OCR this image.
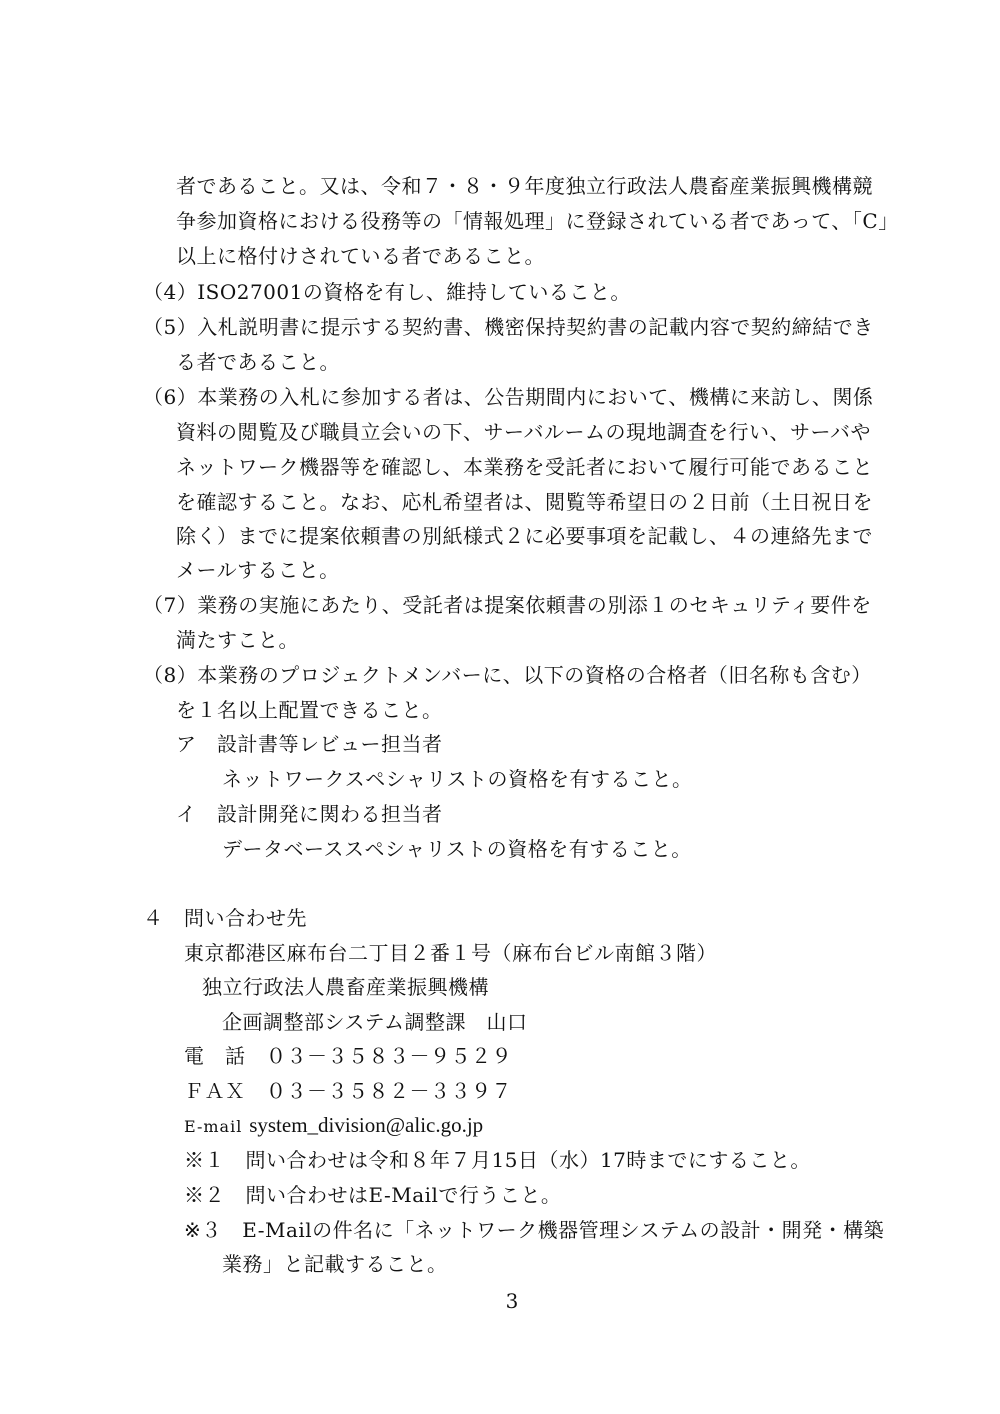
者であること。又は、令和７・８・９年度独立行政法人農畜産業振興機構競
争参加資格における役務等の「情報処理」に登録されている者であって、「C」
以上に格付けされている者であること。
（4）ISO27001の資格を有し、維持していること。
（5）入札説明書に提示する契約書、機密保持契約書の記載内容で契約締結でき
る者であること。
（6）本業務の入札に参加する者は、公告期間内において、機構に来訪し、関係
資料の閲覧及び職員立会いの下、サーバルームの現地調査を行い、サーバや
ネットワーク機器等を確認し、本業務を受託者において履行可能であること
を確認すること。なお、応札希望者は、閲覧等希望日の２日前（土日祝日を
除く）までに提案依頼書の別紙様式２に必要事項を記載し、４の連絡先まで
メールすること。
（7）業務の実施にあたり、受託者は提案依頼書の別添１のセキュリティ要件を
満たすこと。
（8）本業務のプロジェクトメンバーに、以下の資格の合格者（旧名称も含む）
を１名以上配置できること。
ア　設計書等レビュー担当者
ネットワークスペシャリストの資格を有すること。
イ　設計開発に関わる担当者
データベーススペシャリストの資格を有すること。
４　問い合わせ先
東京都港区麻布台二丁目２番１号（麻布台ビル南館３階）
独立行政法人農畜産業振興機構
企画調整部システム調整課　山口
電　話　０３－３５８３－９５２９
ＦＡＸ　０３－３５８２－３３９７
E-mail system_division@alic.go.jp
※１　問い合わせは令和８年７月15日（水）17時までにすること。
※２　問い合わせはE-Mailで行うこと。
※３　E-Mailの件名に「ネットワーク機器管理システムの設計・開発・構築
業務」と記載すること。
3
